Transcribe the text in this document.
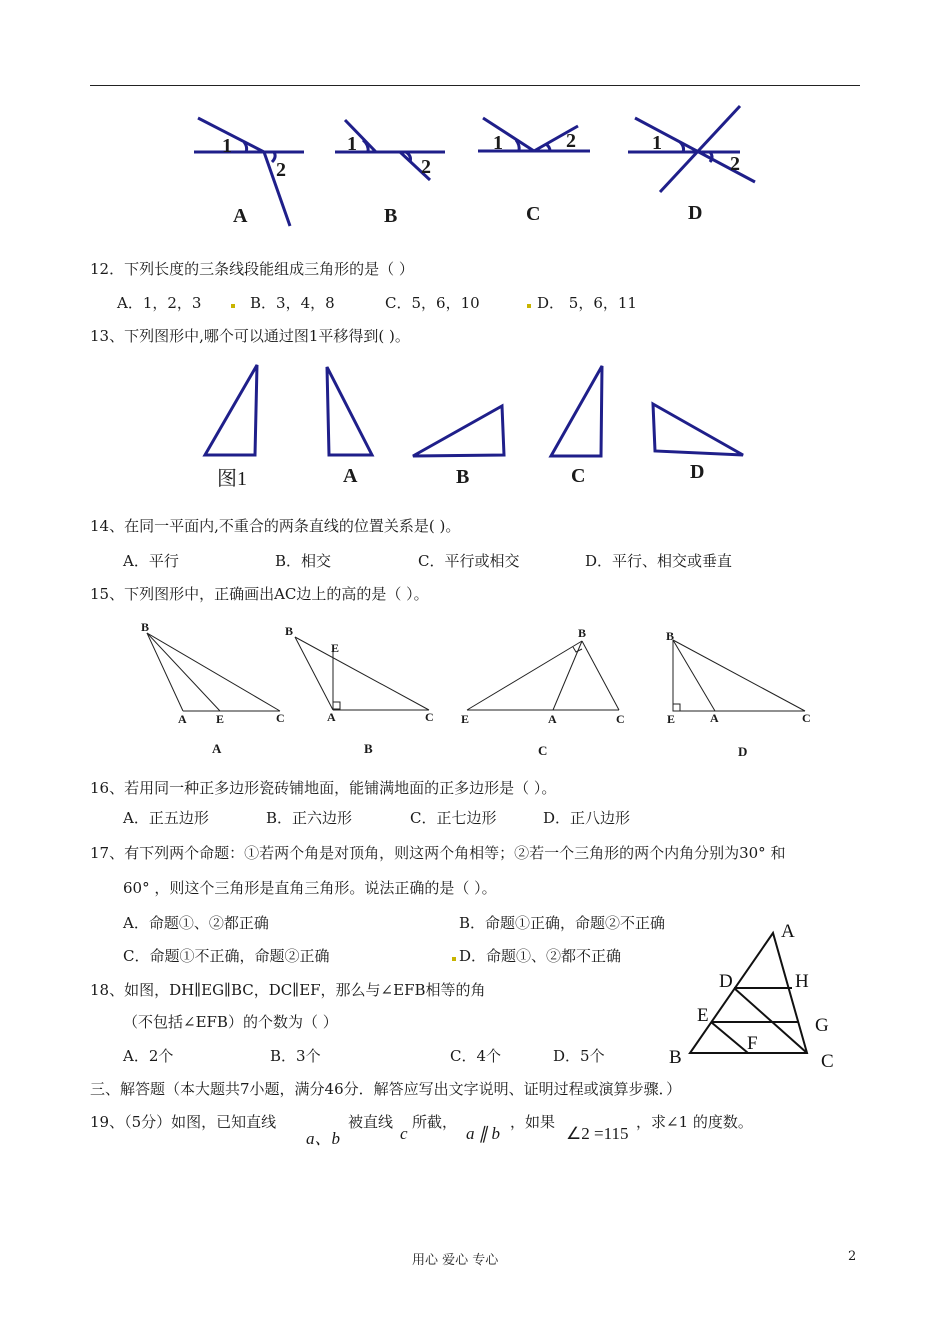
1
2
1
2
1	2	1
2
A	B	C	D
12．下列长度的三条线段能组成三角形的是（ ）
A．1，2，3	B．3，4，8	C．5，6，10	D． 5，6，11
13、下列图形中,哪个可以通过图1平移得到( )。
图1	A	B	C	D
14、在同一平面内,不重合的两条直线的位置关系是( )。
A．平行	B．相交	C．平行或相交	D．平行、相交或垂直
15、下列图形中，正确画出AC边上的高的是（ ）。
B
A E	C
B
E
A	C
B
E	A	C
B
E	A	C
A	B	C	D
16、若用同一种正多边形瓷砖铺地面，能铺满地面的正多边形是（ ）。
A．正五边形	B．正六边形	C．正七边形	D．正八边形
17、有下列两个命题：①若两个角是对顶角，则这两个角相等；②若一个三角形的两个内角分别为30° 和
60° ，则这个三角形是直角三角形。说法正确的是（ ）。
A．命题①、②都正确	B．命题①正确，命题②不正确
C．命题①不正确，命题②正确	D．命题①、②都不正确
18、如图，DH∥EG∥BC，DC∥EF，那么与∠EFB相等的角
（不包括∠EFB）的个数为（ ）
A．2个	B．3个	C．4个	D．5个
A
D	H
E	G
F
B	C
三、解答题（本大题共7小题，满分46分．解答应写出文字说明、证明过程或演算步骤．）
19、（5分）如图，已知直线
a、b
被直线
c
所截，
a ∥ b
，如果
∠2 =115
，求∠1 的度数。
用心 爱心 专心	2
